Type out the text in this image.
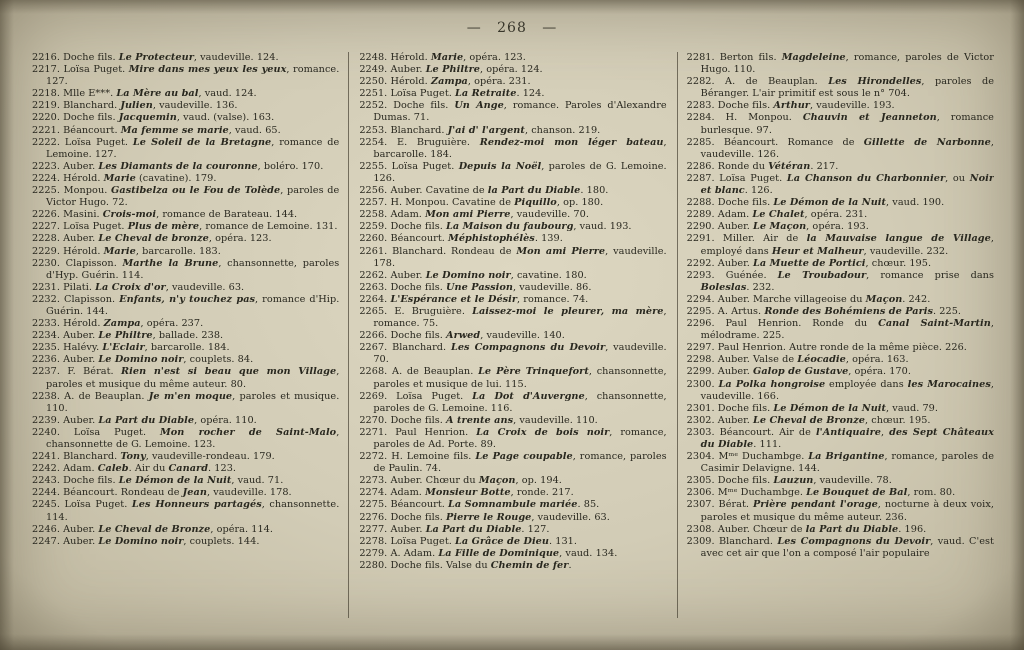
— 268 —

2216. Doche fils. Le Protecteur, vaudeville. 124.

2217. Loïsa Puget. Mire dans mes yeux les yeux, romance. 127.

2218. Mlle E***. La Mère au bal, vaud. 124.

2219. Blanchard. Julien, vaudeville. 136.

2220. Doche fils. Jacquemin, vaud. (valse). 163.

2221. Béancourt. Ma femme se marie, vaud. 65.

2222. Loïsa Puget. Le Soleil de la Bretagne, romance de Lemoine. 127.

2223. Auber. Les Diamants de la couronne, boléro. 170.

2224. Hérold. Marie (cavatine). 179.

2225. Monpou. Gastibelza ou le Fou de Tolède, paroles de Victor Hugo. 72.

2226. Masini. Crois-moi, romance de Barateau. 144.

2227. Loïsa Puget. Plus de mère, romance de Lemoine. 131.

2228. Auber. Le Cheval de bronze, opéra. 123.

2229. Hérold. Marie, barcarolle. 183.

2230. Clapisson. Marthe la Brune, chansonnette, paroles d'Hyp. Guérin. 114.

2231. Pilati. La Croix d'or, vaudeville. 63.

2232. Clapisson. Enfants, n'y touchez pas, romance d'Hip. Guérin. 144.

2233. Hérold. Zampa, opéra. 237.

2234. Auber. Le Philtre, ballade. 238.

2235. Halévy. L'Eclair, barcarolle. 184.

2236. Auber. Le Domino noir, couplets. 84.

2237. F. Bérat. Rien n'est si beau que mon Village, paroles et musique du même auteur. 80.

2238. A. de Beauplan. Je m'en moque, paroles et musique. 110.

2239. Auber. La Part du Diable, opéra. 110.

2240. Loïsa Puget. Mon rocher de Saint-Malo, chansonnette de G. Lemoine. 123.

2241. Blanchard. Tony, vaudeville-rondeau. 179.

2242. Adam. Caleb. Air du Canard. 123.

2243. Doche fils. Le Démon de la Nuit, vaud. 71.

2244. Béancourt. Rondeau de Jean, vaudeville. 178.

2245. Loïsa Puget. Les Honneurs partagés, chansonnette. 114.

2246. Auber. Le Cheval de Bronze, opéra. 114.

2247. Auber. Le Domino noir, couplets. 144.

2248. Hérold. Marie, opéra. 123.

2249. Auber. Le Philtre, opéra. 124.

2250. Hérold. Zampa, opéra. 231.

2251. Loïsa Puget. La Retraite. 124.

2252. Doche fils. Un Ange, romance. Paroles d'Alexandre Dumas. 71.

2253. Blanchard. J'ai d' l'argent, chanson. 219.

2254. E. Bruguière. Rendez-moi mon léger bateau, barcarolle. 184.

2255. Loïsa Puget. Depuis la Noël, paroles de G. Lemoine. 126.

2256. Auber. Cavatine de la Part du Diable. 180.

2257. H. Monpou. Cavatine de Piquillo, op. 180.

2258. Adam. Mon ami Pierre, vaudeville. 70.

2259. Doche fils. La Maison du faubourg, vaud. 193.

2260. Béancourt. Méphistophélès. 139.

2261. Blanchard. Rondeau de Mon ami Pierre, vaudeville. 178.

2262. Auber. Le Domino noir, cavatine. 180.

2263. Doche fils. Une Passion, vaudeville. 86.

2264. L'Espérance et le Désir, romance. 74.

2265. E. Bruguière. Laissez-moi le pleurer, ma mère, romance. 75.

2266. Doche fils. Arwed, vaudeville. 140.

2267. Blanchard. Les Compagnons du Devoir, vaudeville. 70.

2268. A. de Beauplan. Le Père Trinquefort, chansonnette, paroles et musique de lui. 115.

2269. Loïsa Puget. La Dot d'Auvergne, chansonnette, paroles de G. Lemoine. 116.

2270. Doche fils. A trente ans, vaudeville. 110.

2271. Paul Henrion. La Croix de bois noir, romance, paroles de Ad. Porte. 89.

2272. H. Lemoine fils. Le Page coupable, romance, paroles de Paulin. 74.

2273. Auber. Chœur du Maçon, op. 194.

2274. Adam. Monsieur Botte, ronde. 217.

2275. Béancourt. La Somnambule mariée. 85.

2276. Doche fils. Pierre le Rouge, vaudeville. 63.

2277. Auber. La Part du Diable. 127.

2278. Loïsa Puget. La Grâce de Dieu. 131.

2279. A. Adam. La Fille de Dominique, vaud. 134.

2280. Doche fils. Valse du Chemin de fer.

2281. Berton fils. Magdeleine, romance, paroles de Victor Hugo. 110.

2282. A. de Beauplan. Les Hirondelles, paroles de Béranger. L'air primitif est sous le n° 704.

2283. Doche fils. Arthur, vaudeville. 193.

2284. H. Monpou. Chauvin et Jeanneton, romance burlesque. 97.

2285. Béancourt. Romance de Gillette de Narbonne, vaudeville. 126.

2286. Ronde du Vétéran. 217.

2287. Loïsa Puget. La Chanson du Charbonnier, ou Noir et blanc. 126.

2288. Doche fils. Le Démon de la Nuit, vaud. 190.

2289. Adam. Le Chalet, opéra. 231.

2290. Auber. Le Maçon, opéra. 193.

2291. Miller. Air de la Mauvaise langue de Village, employé dans Heur et Malheur, vaudeville. 232.

2292. Auber. La Muette de Portici, chœur. 195.

2293. Guénée. Le Troubadour, romance prise dans Boleslas. 232.

2294. Auber. Marche villageoise du Maçon. 242.

2295. A. Artus. Ronde des Bohémiens de Paris. 225.

2296. Paul Henrion. Ronde du Canal Saint-Martin, mélodrame. 225.

2297. Paul Henrion. Autre ronde de la même pièce. 226.

2298. Auber. Valse de Léocadie, opéra. 163.

2299. Auber. Galop de Gustave, opéra. 170.

2300. La Polka hongroise employée dans les Marocaines, vaudeville. 166.

2301. Doche fils. Le Démon de la Nuit, vaud. 79.

2302. Auber. Le Cheval de Bronze, chœur. 195.

2303. Béancourt. Air de l'Antiquaire, des Sept Châteaux du Diable. 111.

2304. Mᵐᵉ Duchambge. La Brigantine, romance, paroles de Casimir Delavigne. 144.

2305. Doche fils. Lauzun, vaudeville. 78.

2306. Mᵐᵉ Duchambge. Le Bouquet de Bal, rom. 80.

2307. Bérat. Prière pendant l'orage, nocturne à deux voix, paroles et musique du même auteur. 236.

2308. Auber. Chœur de la Part du Diable. 196.

2309. Blanchard. Les Compagnons du Devoir, vaud. C'est avec cet air que l'on a composé l'air populaire
